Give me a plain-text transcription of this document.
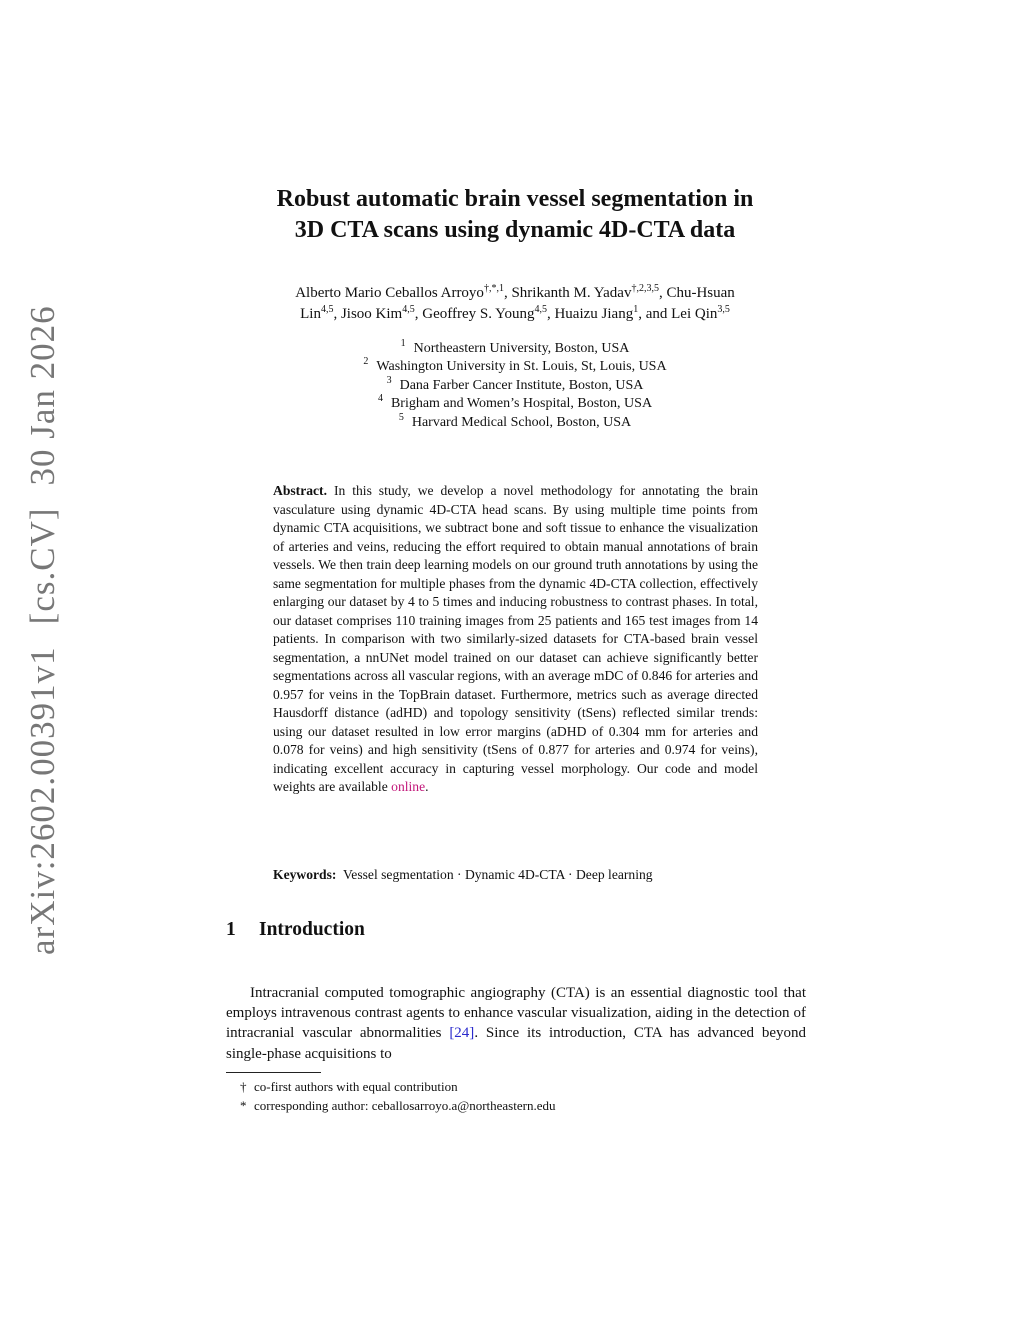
arXiv:2602.00391v1[cs.CV]30 Jan 2026
Robust automatic brain vessel segmentation in
3D CTA scans using dynamic 4D-CTA data
Alberto Mario Ceballos Arroyo$^{\dagger,*,1}$, Shrikanth M. Yadav$^{\dagger,2,3,5}$, Chu-Hsuan
Lin$^{4,5}$, Jisoo Kim$^{4,5}$, Geoffrey S. Young$^{4,5}$, Huaizu Jiang$^1$, and Lei Qin$^{3,5}$
$^1$ Northeastern University, Boston, USA
$^2$ Washington University in St. Louis, St, Louis, USA
$^3$ Dana Farber Cancer Institute, Boston, USA
$^4$ Brigham and Women’s Hospital, Boston, USA
$^5$ Harvard Medical School, Boston, USA
Abstract. In this study, we develop a novel methodology for annotating the brain vasculature using dynamic 4D-CTA head scans. By using multiple time points from dynamic CTA acquisitions, we subtract bone and soft tissue to enhance the visualization of arteries and veins, reducing the effort required to obtain manual annotations of brain vessels. We then train deep learning models on our ground truth annotations by using the same segmentation for multiple phases from the dynamic 4D-CTA collection, effectively enlarging our dataset by 4 to 5 times and inducing robustness to contrast phases. In total, our dataset comprises 110 training images from 25 patients and 165 test images from 14 patients. In comparison with two similarly-sized datasets for CTA-based brain vessel segmentation, a nnUNet model trained on our dataset can achieve significantly better segmentations across all vascular regions, with an average mDC of 0.846 for arteries and 0.957 for veins in the TopBrain dataset. Furthermore, metrics such as average directed Hausdorff distance (adHD) and topology sensitivity (tSens) reflected similar trends: using our dataset resulted in low error margins (aDHD of 0.304 mm for arteries and 0.078 for veins) and high sensitivity (tSens of 0.877 for arteries and 0.974 for veins), indicating excellent accuracy in capturing vessel morphology. Our code and model weights are available online.
Keywords: Vessel segmentation · Dynamic 4D-CTA · Deep learning
1 Introduction
Intracranial computed tomographic angiography (CTA) is an essential diagnostic tool that employs intravenous contrast agents to enhance vascular visualization, aiding in the detection of intracranial vascular abnormalities [24]. Since its introduction, CTA has advanced beyond single-phase acquisitions to
† co-first authors with equal contribution
* corresponding author: ceballosarroyo.a@northeastern.edu
